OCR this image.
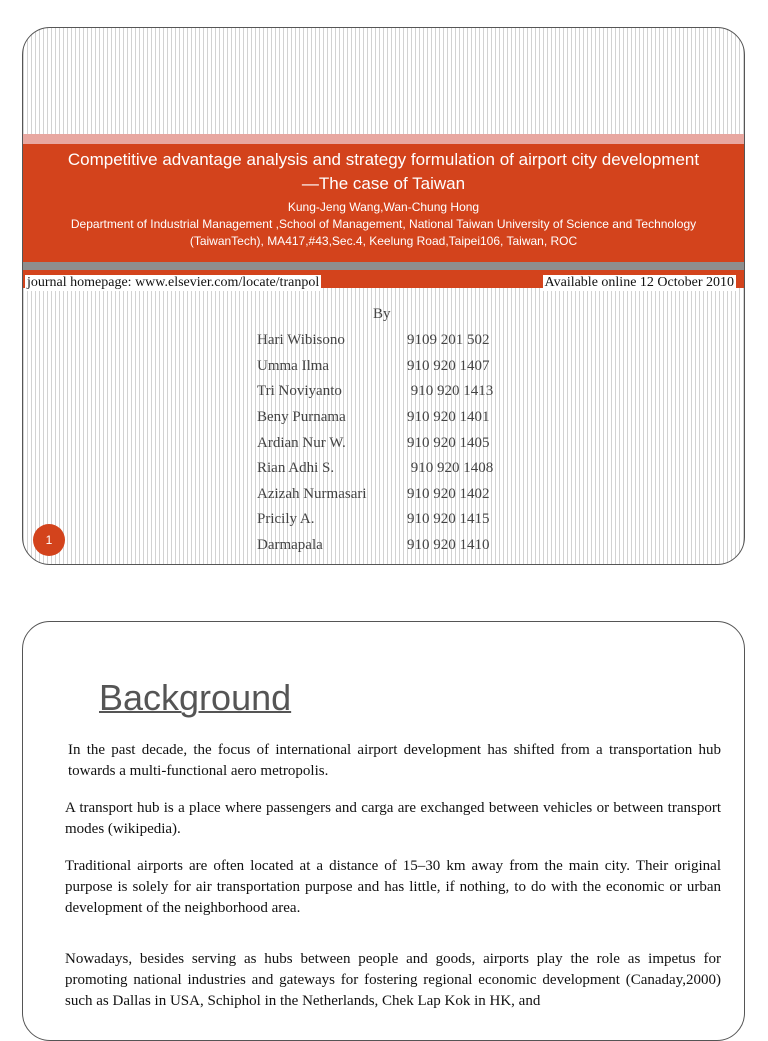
Competitive advantage analysis and strategy formulation of airport city development —The case of Taiwan
Kung-Jeng Wang,Wan-Chung Hong
Department of Industrial Management ,School of Management, National Taiwan University of Science and Technology (TaiwanTech), MA417,#43,Sec.4, Keelung Road,Taipei106, Taiwan, ROC
journal homepage: www.elsevier.com/locate/tranpol	Available online 12 October 2010
By
Hari Wibisono	9109 201 502
Umma Ilma	910 920 1407
Tri Noviyanto	910 920 1413
Beny Purnama	910 920 1401
Ardian Nur W.	910 920 1405
Rian Adhi S.	910 920 1408
Azizah Nurmasari	910 920 1402
Pricily A.	910 920 1415
Darmapala	910 920 1410
1
Background

In the past decade, the focus of international airport development has shifted from a transportation hub towards a multi-functional aero metropolis.

A transport hub is a place where passengers and carga are exchanged between vehicles or between transport modes (wikipedia).

Traditional airports are often located at a distance of 15–30 km away from the main city. Their original purpose is solely for air transportation purpose and has little, if nothing, to do with the economic or urban development of the neighborhood area.

Nowadays, besides serving as hubs between people and goods, airports play the role as impetus for promoting national industries and gateways for fostering regional economic development (Canaday,2000) such as Dallas in USA, Schiphol in the Netherlands, Chek Lap Kok in HK, and
